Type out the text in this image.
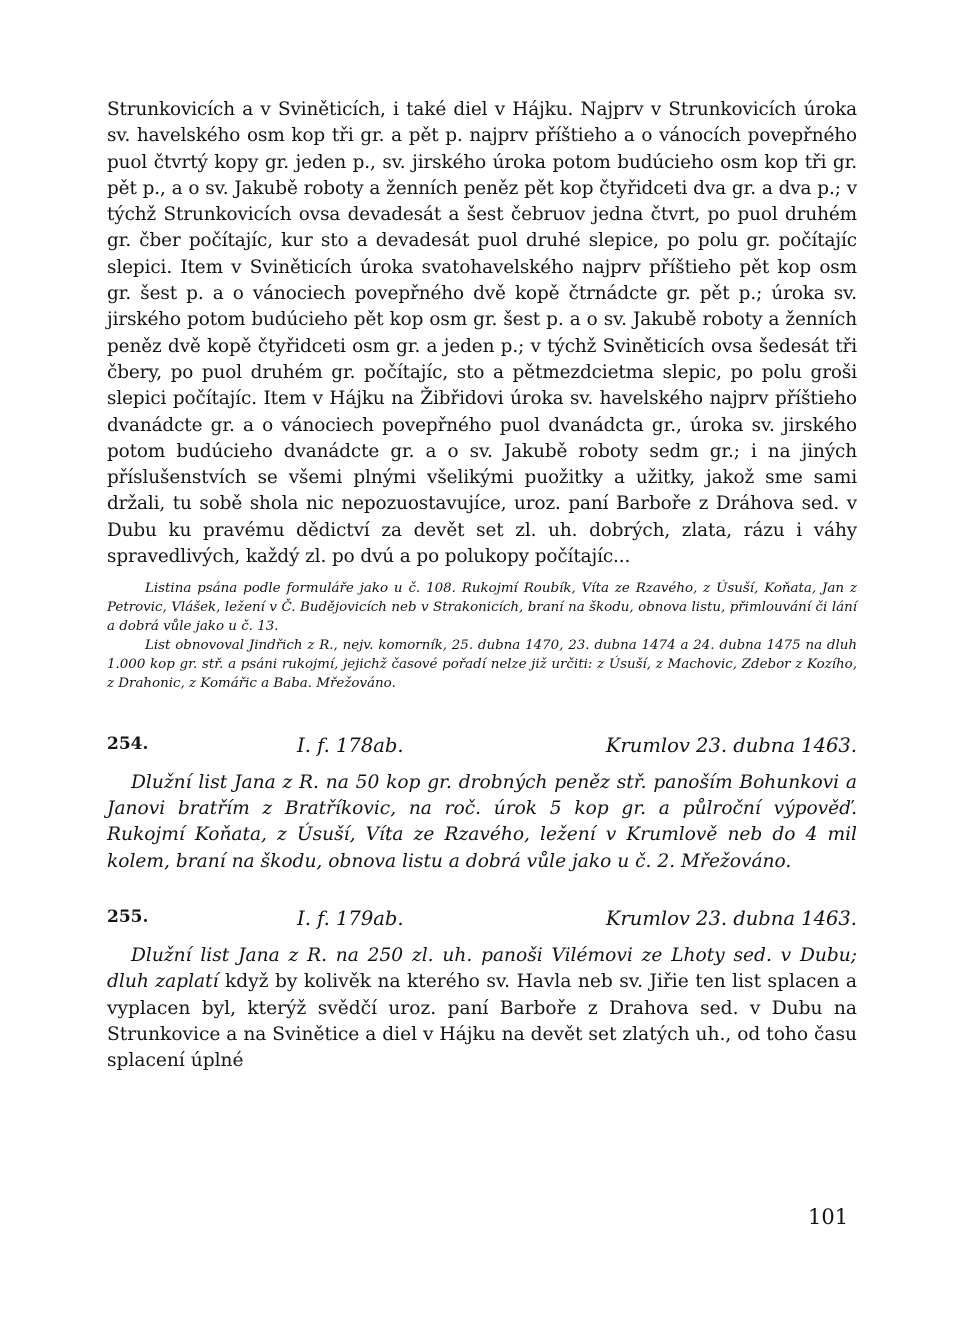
Strunkovicích a v Sviněticích, i také diel v Hájku. Najprv v Strunkovicích úroka sv. havelského osm kop tři gr. a pět p. najprv příštieho a o vánocích povepřného puol čtvrtý kopy gr. jeden p., sv. jirského úroka potom budúcieho osm kop tři gr. pět p., a o sv. Jakubě roboty a ženních peněz pět kop čtyřidceti dva gr. a dva p.; v týchž Strunkovicích ovsa devadesát a šest čebruov jedna čtvrt, po puol druhém gr. čber počítajíc, kur sto a devadesát puol druhé slepice, po polu gr. počítajíc slepici. Item v Sviněticích úroka svatohavelského najprv příštieho pět kop osm gr. šest p. a o vánociech povepřného dvě kopě čtrnádcte gr. pět p.; úroka sv. jirského potom budúcieho pět kop osm gr. šest p. a o sv. Jakubě roboty a ženních peněz dvě kopě čtyřidceti osm gr. a jeden p.; v týchž Sviněticích ovsa šedesát tři čbery, po puol druhém gr. počítajíc, sto a pětmezdcietma slepic, po polu groši slepici počítajíc. Item v Hájku na Žibřidovi úroka sv. havelského najprv příštieho dvanádcte gr. a o vánociech povepřného puol dvanádcta gr., úroka sv. jirského potom budúcieho dvanádcte gr. a o sv. Jakubě roboty sedm gr.; i na jiných příslušenstvích se všemi plnými všelikými puožitky a užitky, jakož sme sami držali, tu sobě shola nic nepozuostavujíce, uroz. paní Barboře z Dráhova sed. v Dubu ku pravému dědictví za devět set zl. uh. dobrých, zlata, rázu i váhy spravedlivých, každý zl. po dvú a po polukopy počítajíc...

Listina psána podle formuláře jako u č. 108. Rukojmí Roubík, Víta ze Rzavého, z Úsuší, Koňata, Jan z Petrovic, Vlášek, ležení v Č. Budějovicích neb v Strakonicích, braní na škodu, obnova listu, přimlouvání či lání a dobrá vůle jako u č. 13.

List obnovoval Jindřich z R., nejv. komorník, 25. dubna 1470, 23. dubna 1474 a 24. dubna 1475 na dluh 1.000 kop gr. stř. a psáni rukojmí, jejichž časové pořadí nelze již určiti: z Úsuší, z Machovic, Zdebor z Kozího, z Drahonic, z Komářic a Baba. Mřežováno.

254.	I. f. 178ab.	Krumlov 23. dubna 1463.

Dlužní list Jana z R. na 50 kop gr. drobných peněz stř. panoším Bohunkovi a Janovi bratřím z Bratříkovic, na roč. úrok 5 kop gr. a půlroční výpověď. Rukojmí Koňata, z Úsuší, Víta ze Rzavého, ležení v Krumlově neb do 4 mil kolem, braní na škodu, obnova listu a dobrá vůle jako u č. 2. Mřežováno.

255.	I. f. 179ab.	Krumlov 23. dubna 1463.

Dlužní list Jana z R. na 250 zl. uh. panoši Vilémovi ze Lhoty sed. v Dubu; dluh zaplatí když by kolivěk na kterého sv. Havla neb sv. Jiřie ten list splacen a vyplacen byl, kterýž svědčí uroz. paní Barboře z Drahova sed. v Dubu na Strunkovice a na Svinětice a diel v Hájku na devět set zlatých uh., od toho času splacení úplné

101
